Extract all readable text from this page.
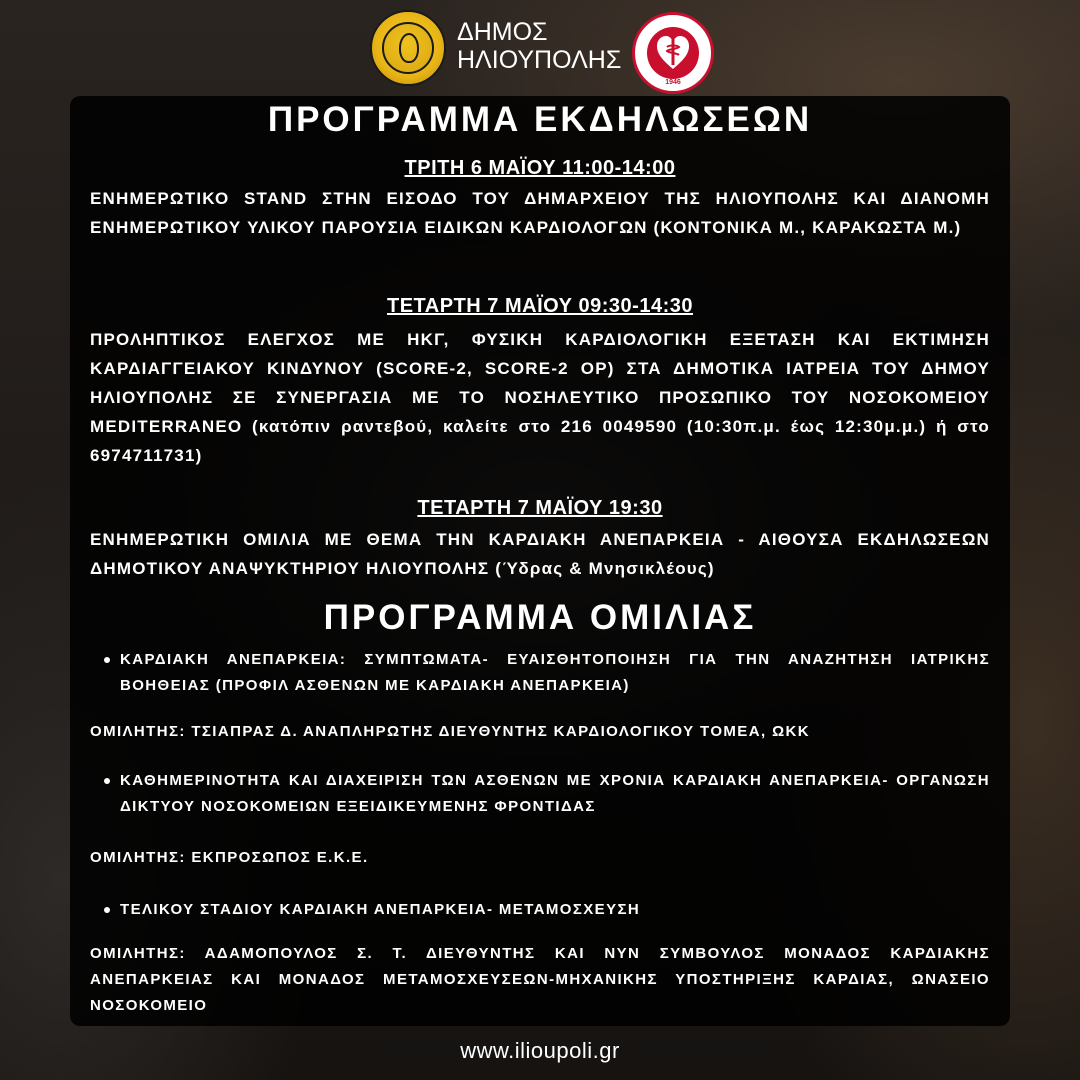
ΔΗΜΟΣ
ΗΛΙΟΥΠΟΛΗΣ
1946
ΠΡΟΓΡΑΜΜΑ ΕΚΔΗΛΩΣΕΩΝ
ΤΡΙΤΗ 6 ΜΑΪΟΥ 11:00-14:00

ΕΝΗΜΕΡΩΤΙΚΟ STAND ΣΤΗΝ ΕΙΣΟΔΟ ΤΟΥ ΔΗΜΑΡΧΕΙΟΥ ΤΗΣ ΗΛΙΟΥΠΟΛΗΣ ΚΑΙ ΔΙΑΝΟΜΗ ΕΝΗΜΕΡΩΤΙΚΟΥ ΥΛΙΚΟΥ ΠΑΡΟΥΣΙΑ ΕΙΔΙΚΩΝ ΚΑΡΔΙΟΛΟΓΩΝ (ΚΟΝΤΟΝΙΚΑ Μ., ΚΑΡΑΚΩΣΤΑ Μ.)

ΤΕΤΑΡΤΗ 7 ΜΑΪΟΥ 09:30-14:30

ΠΡΟΛΗΠΤΙΚΟΣ ΕΛΕΓΧΟΣ ΜΕ ΗΚΓ, ΦΥΣΙΚΗ ΚΑΡΔΙΟΛΟΓΙΚΗ ΕΞΕΤΑΣΗ ΚΑΙ ΕΚΤΙΜΗΣΗ ΚΑΡΔΙΑΓΓΕΙΑΚΟΥ ΚΙΝΔΥΝΟΥ (SCORE-2, SCORE-2 OP) ΣΤΑ ΔΗΜΟΤΙΚΑ ΙΑΤΡΕΙΑ ΤΟΥ ΔΗΜΟΥ ΗΛΙΟΥΠΟΛΗΣ ΣΕ ΣΥΝΕΡΓΑΣΙΑ ΜΕ ΤΟ ΝΟΣΗΛΕΥΤΙΚΟ ΠΡΟΣΩΠΙΚΟ ΤΟΥ ΝΟΣΟΚΟΜΕΙΟΥ MEDITERRANEO (κατόπιν ραντεβού, καλείτε στο 216 0049590 (10:30π.μ. έως 12:30μ.μ.) ή στο 6974711731)

ΤΕΤΑΡΤΗ 7 ΜΑΪΟΥ 19:30

ΕΝΗΜΕΡΩΤΙΚΗ ΟΜΙΛΙΑ ΜΕ ΘΕΜΑ ΤΗΝ ΚΑΡΔΙΑΚΗ ΑΝΕΠΑΡΚΕΙΑ - ΑΙΘΟΥΣΑ ΕΚΔΗΛΩΣΕΩΝ ΔΗΜΟΤΙΚΟΥ ΑΝΑΨΥΚΤΗΡΙΟΥ ΗΛΙΟΥΠΟΛΗΣ (Ύδρας & Μνησικλέους)

ΠΡΟΓΡΑΜΜΑ ΟΜΙΛΙΑΣ
ΚΑΡΔΙΑΚΗ ΑΝΕΠΑΡΚΕΙΑ: ΣΥΜΠΤΩΜΑΤΑ- ΕΥΑΙΣΘΗΤΟΠΟΙΗΣΗ ΓΙΑ ΤΗΝ ΑΝΑΖΗΤΗΣΗ ΙΑΤΡΙΚΗΣ ΒΟΗΘΕΙΑΣ (ΠΡΟΦΙΛ ΑΣΘΕΝΩΝ ΜΕ ΚΑΡΔΙΑΚΗ ΑΝΕΠΑΡΚΕΙΑ)

ΟΜΙΛΗΤΗΣ: ΤΣΙΑΠΡΑΣ Δ. ΑΝΑΠΛΗΡΩΤΗΣ ΔΙΕΥΘΥΝΤΗΣ ΚΑΡΔΙΟΛΟΓΙΚΟΥ ΤΟΜΕΑ, ΩΚΚ

ΚΑΘΗΜΕΡΙΝΟΤΗΤΑ ΚΑΙ ΔΙΑΧΕΙΡΙΣΗ ΤΩΝ ΑΣΘΕΝΩΝ ΜΕ ΧΡΟΝΙΑ ΚΑΡΔΙΑΚΗ ΑΝΕΠΑΡΚΕΙΑ- ΟΡΓΑΝΩΣΗ ΔΙΚΤΥΟΥ ΝΟΣΟΚΟΜΕΙΩΝ ΕΞΕΙΔΙΚΕΥΜΕΝΗΣ ΦΡΟΝΤΙΔΑΣ

ΟΜΙΛΗΤΗΣ: ΕΚΠΡΟΣΩΠΟΣ Ε.Κ.Ε.

ΤΕΛΙΚΟΥ ΣΤΑΔΙΟΥ ΚΑΡΔΙΑΚΗ ΑΝΕΠΑΡΚΕΙΑ- ΜΕΤΑΜΟΣΧΕΥΣΗ

ΟΜΙΛΗΤΗΣ: ΑΔΑΜΟΠΟΥΛΟΣ Σ. Τ. ΔΙΕΥΘΥΝΤΗΣ ΚΑΙ ΝΥΝ ΣΥΜΒΟΥΛΟΣ ΜΟΝΑΔΟΣ ΚΑΡΔΙΑΚΗΣ ΑΝΕΠΑΡΚΕΙΑΣ ΚΑΙ ΜΟΝΑΔΟΣ ΜΕΤΑΜΟΣΧΕΥΣΕΩΝ-ΜΗΧΑΝΙΚΗΣ ΥΠΟΣΤΗΡΙΞΗΣ ΚΑΡΔΙΑΣ, ΩΝΑΣΕΙΟ ΝΟΣΟΚΟΜΕΙΟ

www.ilioupoli.gr
